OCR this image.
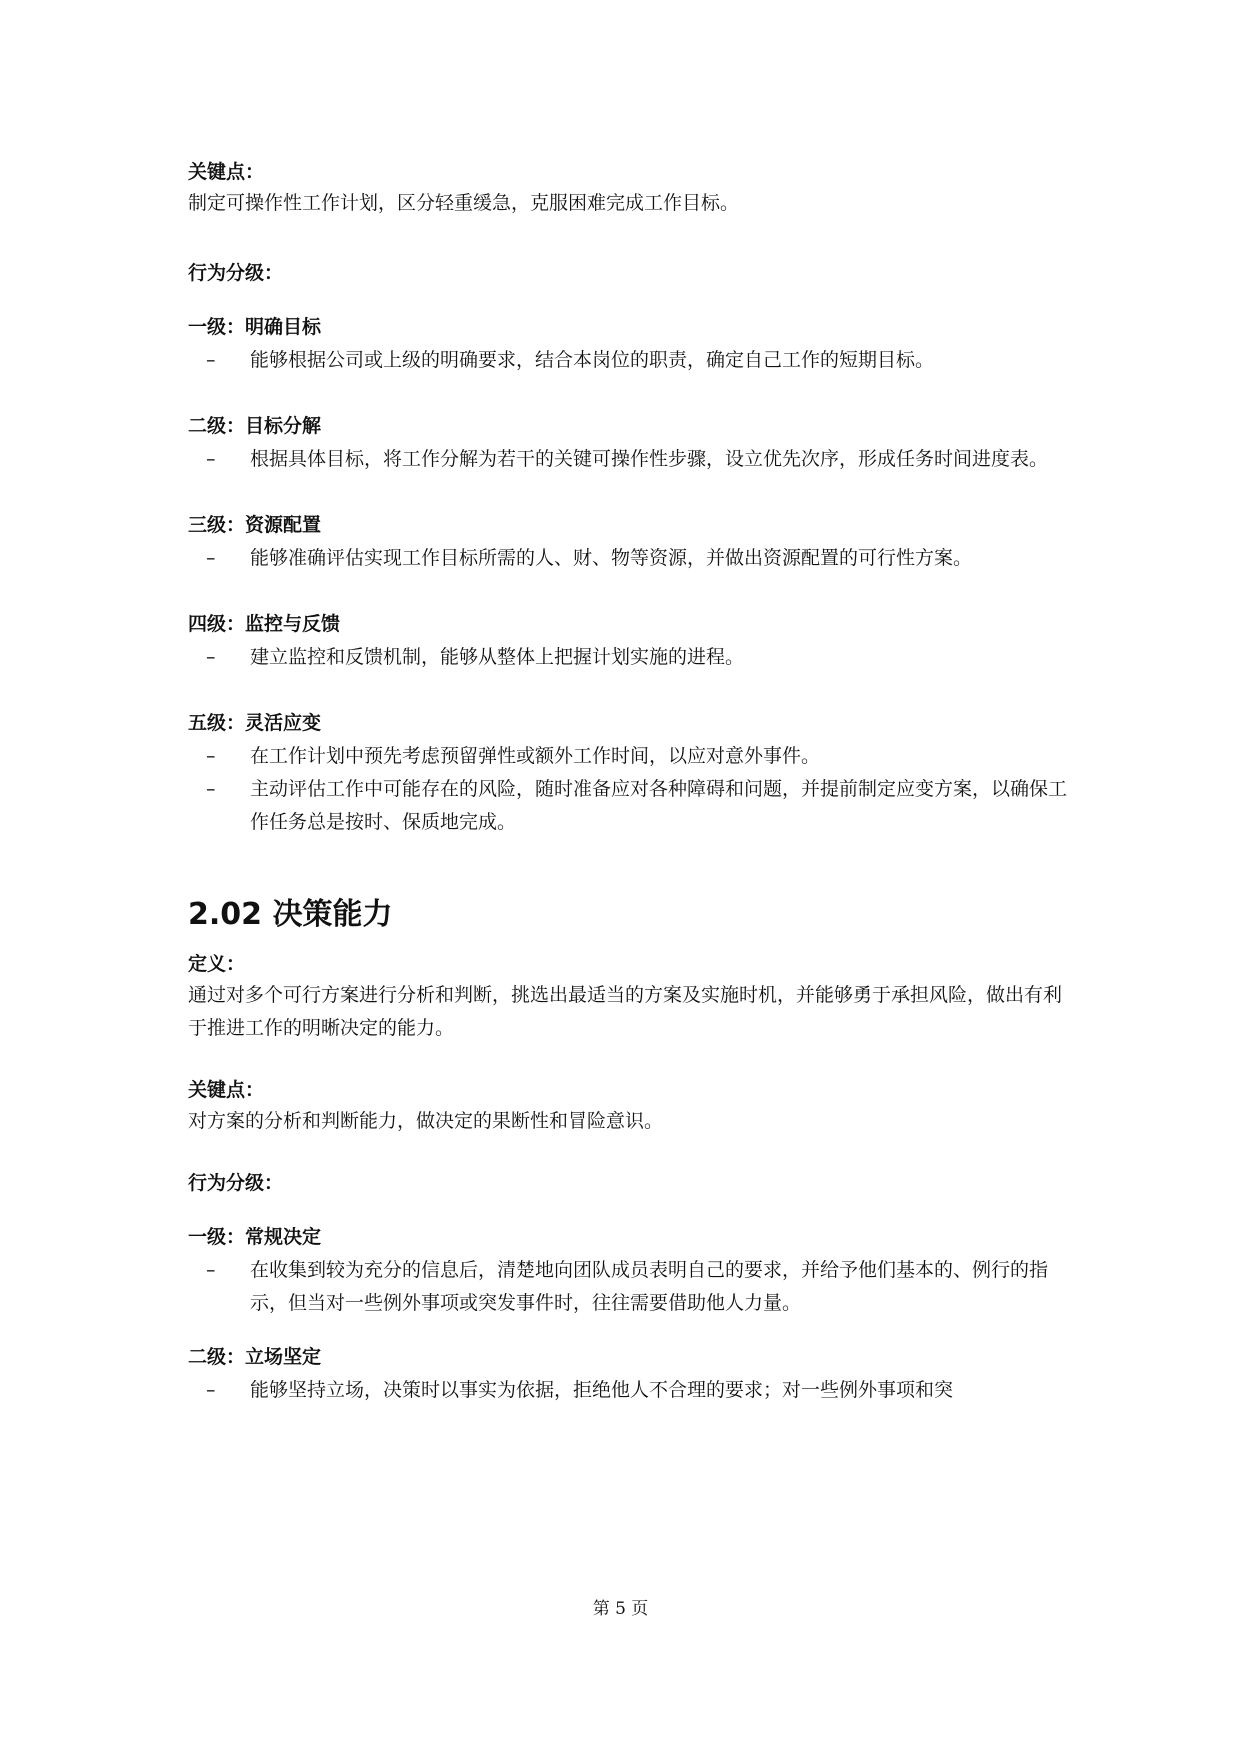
关键点：

制定可操作性工作计划，区分轻重缓急，克服困难完成工作目标。

行为分级：

一级：明确目标

– 能够根据公司或上级的明确要求，结合本岗位的职责，确定自己工作的短期目标。

二级：目标分解

– 根据具体目标，将工作分解为若干的关键可操作性步骤，设立优先次序，形成任务时间进度表。

三级：资源配置

– 能够准确评估实现工作目标所需的人、财、物等资源，并做出资源配置的可行性方案。

四级：监控与反馈

– 建立监控和反馈机制，能够从整体上把握计划实施的进程。

五级：灵活应变

– 在工作计划中预先考虑预留弹性或额外工作时间，以应对意外事件。
– 主动评估工作中可能存在的风险，随时准备应对各种障碍和问题，并提前制定应变方案，以确保工作任务总是按时、保质地完成。
2.02 决策能力

定义：

通过对多个可行方案进行分析和判断，挑选出最适当的方案及实施时机，并能够勇于承担风险，做出有利于推进工作的明晰决定的能力。

关键点：

对方案的分析和判断能力，做决定的果断性和冒险意识。

行为分级：

一级：常规决定

– 在收集到较为充分的信息后，清楚地向团队成员表明自己的要求，并给予他们基本的、例行的指示，但当对一些例外事项或突发事件时，往往需要借助他人力量。

二级：立场坚定

– 能够坚持立场，决策时以事实为依据，拒绝他人不合理的要求；对一些例外事项和突
第 5 页
